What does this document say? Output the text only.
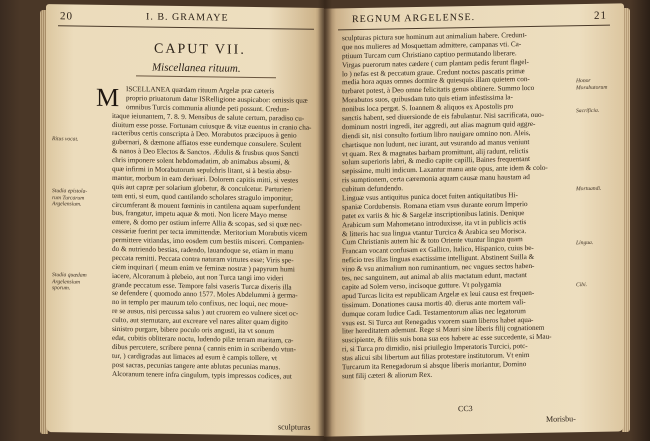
20	I. B. GRAMAYE
CAPUT VII.
Miscellanea rituum.
M ISCELLANEA quædam rituum Argelæ præ cæteris
proprio priuatorum datur ISRelligione auspicabor: omissis quæ
omnibus Turcis communia aliunde peti possunt. Credun-
itaque ieiunantem, 7. 8. 9. Mensibus de salute certum, paradiso cu-
diuitum esse posse. Fortunam cuiusque & vitæ euentus in cranio cha-
racteribus certis conscripta à Deo. Morabutos præcipuos à genio
gubernari, & dæmone affiatos esse eundemque consulere. Sculent
& nanos à Deo Electos & Sanctos. Ædulis & frusbus quos Sancti
chris imponere solent hebdomadatim, ab animabus absumi, &
quæ infirmi in Morabutorum sepulchris litant, si à bestia absu-
mantur, morbum in eam deriuari. Dolorem capitis mitti, si vestes
quis aut capræ per solarium globetur, & conculcetur. Parturien-
tem enti, si eum, quod cantilando scholares stragulo imponitur,
circumferant & mouent fœminis in cantilena aquam superfundent
bus, frangatur, impetu aquæ & moti. Non licere Mayo mense
emere, & domo per ostium inferre Allia & scopas, sed si quæ nec-
cessariæ fuerint per tecta immittendæ. Meritorium Morabutis vicem
permittere vitiandas, imo eosdem cum bestiis misceri. Companien-
do & nutriendo bestias, radendo, lauandoque se, etiam in manu
peccata remitti. Peccata contra naturam virtutes esse; Viris spe-
ciem inquinari ( meum enim ve feminæ nostræ ) papyrum humi
iacere, Alcoranum à plebeio, aut non Turca tangi imo videri
grande peccatum esse. Tempore falsi vaseris Turcæ dixeris illa
se defendere ( quomodo anno 1577. Moles Abdelummi à germa-
no in templo per maurum telo confixus, nec loqui, nec moue-
re se ausus, nisi percussa salus ) aut cruorem eo vulnere sicet oc-
culto, aut sternutare, aut excreare vel nares aliter quam digito
sinistro purgare, bibere poculo oris angusti, ita vt sonum
edat, cubitis obliterare noctu, ludendo pilæ terram maritam, ca-
dibus percutere, scribere penna ( cannis enim in scribendo vtun-
tur, ) cardigradas aut limaces ad esum è campis tollere, vt
post sacras, pecunias tangere ante ablutas pecunias manus.
Alcoranum tenere infra cingulum, typis impressos codices, aut
Ritus vocat.
Studia epistola-
rum Turcarum
Argelensium.
Studia quædam
Argelensium
sporum.
sculpturas
REGNUM ARGELENSE.	21
sculpturas pictura sue hominum aut animalium habere. Credunt-
que nos mulieres ad Mosquettam admittere, campanas vti. Ca-
ptiuum Turcam cum Christiano captiuo permutando liberare.
Virgas puerorum nates cædere ( cum plantam pedis ferunt flagel-
lo ) nefas est & peccatum graue. Credunt noctes pascatis primæ
media hora aquas omnes dormire & quiesquis illam quietem con-
turbaret potest, à Deo omne felicitatis genus obtinere. Summo loco
Morabutos suos, quibusdam tuto quis etiam infestissima la-
nonibus loca pergat. S. Ioannem & aliquos ex Apostolis pro
sanctis habent, sed diuersionde de eis fabulantur. Nisi sacrificata, ouo-
dominum nostri ingredi, iter aggredi, aut alias magnum quid aggre-
diendi sit, nisi consulto fortium libro nauigare omnino non. Aleis,
chartisque non ludunt, nec iurant, aut vsurando ad manus veniunt
vt quam. Rex & magnates barbam promittunt, alij radunt, relictis
solum superioris labri, & medio capite capilli, Baines frequentant
sæpissime, multi indicum. Laxantur manu ante opus, ante idem & colo-
ris sumptionem, certa cæremonia aquam causæ manu haustam ad
cubitum defundendo.
Linguæ vsus antiquitus punica docet fuiten antiquitatibus Hi-
spaniæ Cordubensis. Romana etiam vsus durante eorum Imperio
patet ex variis & hic & Sargelæ inscriptionibus latinis. Denique
Arabicum sum Mahometano introduxisse, ita vt in publicis actis
& litteris hac sua lingua vtantur Turcica & Arabica seu Morisca.
Cum Christianis autem hic & toto Oriente vtuntur lingua quam
Francam vocant confusam ex Gallico, Italico, Hispanico, cuius be-
neficio tres illas linguas exactissime intelligunt. Abstinent Suilla &
vino & vsu animalium non ruminantium, nec vngues sectos haben-
tes, nec sanguinem, aut animal ab aliis mactatum edunt, mactant
capite ad Solem verso, incisoque gutture. Vt polygamia
apud Turcas licita est republicam Argelæ ex leui causa est frequen-
tissimum. Donationes causa mortis 40. dierus ante mortem vali-
dumque coram Iudice Cadi. Testamentorum alias nec legatorum
vsus est. Si Turca aut Renegadus vxorem suam liberos habet aqua-
liter hereditatem ademunt. Rege si Mauri sine liberis filij cognationem
suscipiente, & filiis suis bona sua eos habere ac esse succedente, si Mau-
ri, si Turca pro dimidio, nisi priuilegio Imperatoris Turcici, potc-
stas alicui sibi libertum aut filias protestare institutorum. Vt enim
Turcarum ita Renegadorum si absque liberis moriantur, Domino
sunt filij cæteri & aliorum Rex.
Honor Morabutorum
Sacrificia.
Mortuandi.
Lingua.
Cibi.
CC3
Morisbu-
